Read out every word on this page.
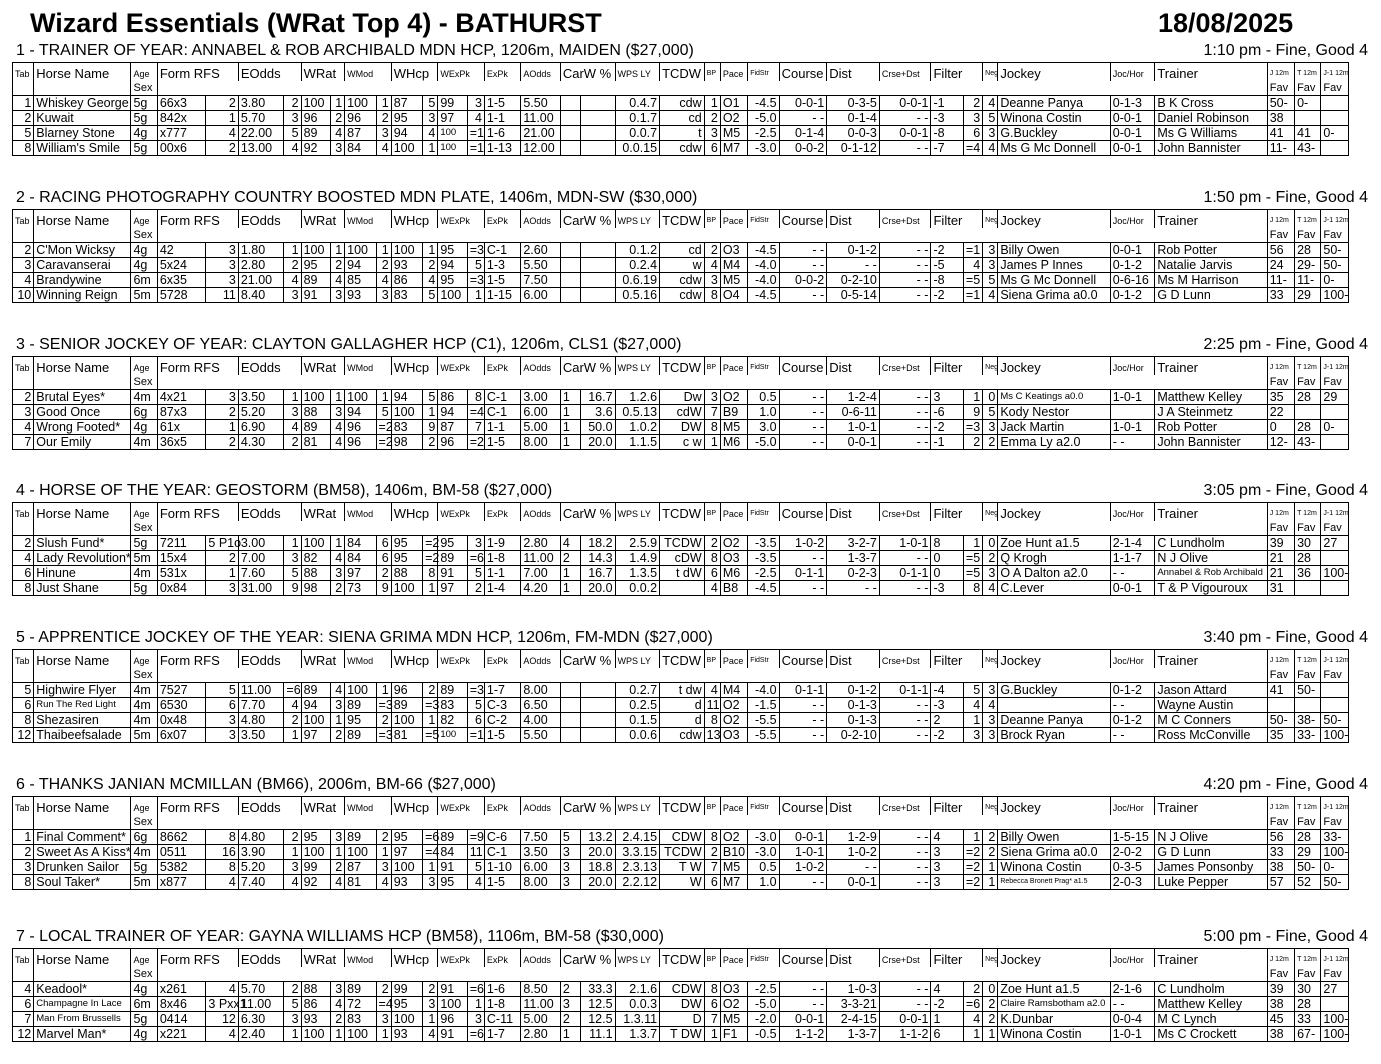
Wizard Essentials (WRat Top 4) - BATHURST	18/08/2025
1 - TRAINER OF YEAR: ANNABEL & ROB ARCHIBALD MDN HCP, 1206m, MAIDEN ($27,000)	1:10 pm - Fine, Good 4
Tab	Horse Name	Age	Form RFS		EOdds		WRat		WMod		WHcp		WExPk		ExPk	AOdds	CarW %		WPS LY	TCDW	BP	Pace	FidStr	Course	Dist	Crse+Dst	Filter		Neg	Jockey	Joc/Hor	Trainer	J 12m	T 12m	J-1 12m
		Sex																															Fav	Fav	Fav
1	Whiskey George	5g	66x3	2	3.80	2	100	1	100	1	87	5	99	3	1-5	5.50			0.4.7	cdw	1	O1	-4.5	0-0-1	0-3-5	0-0-1	-1	2	4	Deanne Panya	0-1-3	B K Cross	50-	0-	
2	Kuwait	5g	842x	1	5.70	3	96	2	96	2	95	3	97	4	1-1	11.00			0.1.7	cd	2	O2	-5.0	- -	0-1-4	- -	-3	3	5	Winona Costin	0-0-1	Daniel Robinson	38		
5	Blarney Stone	4g	x777	4	22.00	5	89	4	87	3	94	4	100	=1	1-6	21.00			0.0.7	t	3	M5	-2.5	0-1-4	0-0-3	0-0-1	-8	6	3	G.Buckley	0-0-1	Ms G Williams	41	41	0-
8	William's Smile	5g	00x6	2	13.00	4	92	3	84	4	100	1	100	=1	1-13	12.00			0.0.15	cdw	6	M7	-3.0	0-0-2	0-1-12	- -	-7	=4	4	Ms G Mc Donnell	0-0-1	John Bannister	11-	43-	
2 - RACING PHOTOGRAPHY COUNTRY BOOSTED MDN PLATE, 1406m, MDN-SW ($30,000)	1:50 pm - Fine, Good 4
Tab	Horse Name	Age	Form RFS		EOdds		WRat		WMod		WHcp		WExPk		ExPk	AOdds	CarW %		WPS LY	TCDW	BP	Pace	FidStr	Course	Dist	Crse+Dst	Filter		Neg	Jockey	Joc/Hor	Trainer	J 12m	T 12m	J-1 12m
		Sex																															Fav	Fav	Fav
2	C'Mon Wicksy	4g	42	3	1.80	1	100	1	100	1	100	1	95	=3	C-1	2.60			0.1.2	cd	2	O3	-4.5	- -	0-1-2	- -	-2	=1	3	Billy Owen	0-0-1	Rob Potter	56	28	50-
3	Caravanserai	4g	5x24	3	2.80	2	95	2	94	2	93	2	94	5	1-3	5.50			0.2.4	w	4	M4	-4.0	- -	- -	- -	-5	4	3	James P Innes	0-1-2	Natalie Jarvis	24	29-	50-
4	Brandywine	6m	6x35	3	21.00	4	89	4	85	4	86	4	95	=3	1-5	7.50			0.6.19	cdw	3	M5	-4.0	0-0-2	0-2-10	- -	-8	=5	5	Ms G Mc Donnell	0-6-16	Ms M Harrison	11-	11-	0-
10	Winning Reign	5m	5728	11	8.40	3	91	3	93	3	83	5	100	1	1-15	6.00			0.5.16	cdw	8	O4	-4.5	- -	0-5-14	- -	-2	=1	4	Siena Grima a0.0	0-1-2	G D Lunn	33	29	100-
3 - SENIOR JOCKEY OF YEAR: CLAYTON GALLAGHER HCP (C1), 1206m, CLS1 ($27,000)	2:25 pm - Fine, Good 4
Tab	Horse Name	Age	Form RFS		EOdds		WRat		WMod		WHcp		WExPk		ExPk	AOdds	CarW %		WPS LY	TCDW	BP	Pace	FidStr	Course	Dist	Crse+Dst	Filter		Neg	Jockey	Joc/Hor	Trainer	J 12m	T 12m	J-1 12m
		Sex																															Fav	Fav	Fav
2	Brutal Eyes*	4m	4x21	3	3.50	1	100	1	100	1	94	5	86	8	C-1	3.00	1	16.7	1.2.6	Dw	3	O2	0.5	- -	1-2-4	- -	3	1	0	Ms C Keatings a0.0	1-0-1	Matthew Kelley	35	28	29
3	Good Once	6g	87x3	2	5.20	3	88	3	94	5	100	1	94	=4	C-1	6.00	1	3.6	0.5.13	cdW	7	B9	1.0	- -	0-6-11	- -	-6	9	5	Kody Nestor		J A Steinmetz	22		
4	Wrong Footed*	4g	61x	1	6.90	4	89	4	96	=2	83	9	87	7	1-1	5.00	1	50.0	1.0.2	DW	8	M5	3.0	- -	1-0-1	- -	-2	=3	3	Jack Martin	1-0-1	Rob Potter	0	28	0-
7	Our Emily	4m	36x5	2	4.30	2	81	4	96	=2	98	2	96	=2	1-5	8.00	1	20.0	1.1.5	c w	1	M6	-5.0	- -	0-0-1	- -	-1	2	2	Emma Ly a2.0	- -	John Bannister	12-	43-	
4 - HORSE OF THE YEAR: GEOSTORM (BM58), 1406m, BM-58 ($27,000)	3:05 pm - Fine, Good 4
Tab	Horse Name	Age	Form RFS		EOdds		WRat		WMod		WHcp		WExPk		ExPk	AOdds	CarW %		WPS LY	TCDW	BP	Pace	FidStr	Course	Dist	Crse+Dst	Filter		Neg	Jockey	Joc/Hor	Trainer	J 12m	T 12m	J-1 12m
		Sex																															Fav	Fav	Fav
2	Slush Fund*	5g	7211	5 P1o	3.00	1	100	1	84	6	95	=2	95	3	1-9	2.80	4	18.2	2.5.9	TCDW	2	O2	-3.5	1-0-2	3-2-7	1-0-1	8	1	0	Zoe Hunt a1.5	2-1-4	C Lundholm	39	30	27
4	Lady Revolution*	5m	15x4	2	7.00	3	82	4	84	6	95	=2	89	=6	1-8	11.00	2	14.3	1.4.9	cDW	8	O3	-3.5	- -	1-3-7	- -	0	=5	2	Q Krogh	1-1-7	N J Olive	21	28	
6	Hinune	4m	531x	1	7.60	5	88	3	97	2	88	8	91	5	1-1	7.00	1	16.7	1.3.5	t dW	6	M6	-2.5	0-1-1	0-2-3	0-1-1	0	=5	3	O A Dalton a2.0	- -	Annabel & Rob Archibald	21	36	100-
8	Just Shane	5g	0x84	3	31.00	9	98	2	73	9	100	1	97	2	1-4	4.20	1	20.0	0.0.2		4	B8	-4.5	- -	- -	- -	-3	8	4	C.Lever	0-0-1	T & P Vigouroux	31		
5 - APPRENTICE JOCKEY OF THE YEAR: SIENA GRIMA MDN HCP, 1206m, FM-MDN ($27,000)	3:40 pm - Fine, Good 4
Tab	Horse Name	Age	Form RFS		EOdds		WRat		WMod		WHcp		WExPk		ExPk	AOdds	CarW %		WPS LY	TCDW	BP	Pace	FidStr	Course	Dist	Crse+Dst	Filter		Neg	Jockey	Joc/Hor	Trainer	J 12m	T 12m	J-1 12m
		Sex																															Fav	Fav	Fav
5	Highwire Flyer	4m	7527	5	11.00	=6	89	4	100	1	96	2	89	=3	1-7	8.00			0.2.7	t dw	4	M4	-4.0	0-1-1	0-1-2	0-1-1	-4	5	3	G.Buckley	0-1-2	Jason Attard	41	50-	
6	Run The Red Light	4m	6530	6	7.70	4	94	3	89	=3	89	=3	83	5	C-3	6.50			0.2.5	d	11	O2	-1.5	- -	0-1-3	- -	-3	4	4		- -	Wayne Austin			
8	Shezasiren	4m	0x48	3	4.80	2	100	1	95	2	100	1	82	6	C-2	4.00			0.1.5	d	8	O2	-5.5	- -	0-1-3	- -	2	1	3	Deanne Panya	0-1-2	M C Conners	50-	38-	50-
12	Thaibeefsalade	5m	6x07	3	3.50	1	97	2	89	=3	81	=5	100	=1	1-5	5.50			0.0.6	cdw	13	O3	-5.5	- -	0-2-10	- -	-2	3	3	Brock Ryan	- -	Ross McConville	35	33-	100-
6 - THANKS JANIAN MCMILLAN (BM66), 2006m, BM-66 ($27,000)	4:20 pm - Fine, Good 4
Tab	Horse Name	Age	Form RFS		EOdds		WRat		WMod		WHcp		WExPk		ExPk	AOdds	CarW %		WPS LY	TCDW	BP	Pace	FidStr	Course	Dist	Crse+Dst	Filter		Neg	Jockey	Joc/Hor	Trainer	J 12m	T 12m	J-1 12m
		Sex																															Fav	Fav	Fav
1	Final Comment*	6g	8662	8	4.80	2	95	3	89	2	95	=6	89	=9	C-6	7.50	5	13.2	2.4.15	CDW	8	O2	-3.0	0-0-1	1-2-9	- -	4	1	2	Billy Owen	1-5-15	N J Olive	56	28	33-
2	Sweet As A Kiss*	4m	0511	16	3.90	1	100	1	100	1	97	=4	84	11	C-1	3.50	3	20.0	3.3.15	TCDW	2	B10	-3.0	1-0-1	1-0-2	- -	3	=2	2	Siena Grima a0.0	2-0-2	G D Lunn	33	29	100-
3	Drunken Sailor	5g	5382	8	5.20	3	99	2	87	3	100	1	91	5	1-10	6.00	3	18.8	2.3.13	T W	7	M5	0.5	1-0-2	- -	- -	3	=2	1	Winona Costin	0-3-5	James Ponsonby	38	50-	0-
8	Soul Taker*	5m	x877	4	7.40	4	92	4	81	4	93	3	95	4	1-5	8.00	3	20.0	2.2.12	W	6	M7	1.0	- -	0-0-1	- -	3	=2	1	Rebecca Bronett Prag* a1.5	2-0-3	Luke Pepper	57	52	50-
7 - LOCAL TRAINER OF YEAR: GAYNA WILLIAMS HCP (BM58), 1106m, BM-58 ($30,000)	5:00 pm - Fine, Good 4
Tab	Horse Name	Age	Form RFS		EOdds		WRat		WMod		WHcp		WExPk		ExPk	AOdds	CarW %		WPS LY	TCDW	BP	Pace	FidStr	Course	Dist	Crse+Dst	Filter		Neg	Jockey	Joc/Hor	Trainer	J 12m	T 12m	J-1 12m
		Sex																															Fav	Fav	Fav
4	Keadool*	4g	x261	4	5.70	2	88	3	89	2	99	2	91	=6	1-6	8.50	2	33.3	2.1.6	CDW	8	O3	-2.5	- -	1-0-3	- -	4	2	0	Zoe Hunt a1.5	2-1-6	C Lundholm	39	30	27
6	Champagne In Lace	6m	8x46	3 Pxx1	11.00	5	86	4	72	=4	95	3	100	1	1-8	11.00	3	12.5	0.0.3	DW	6	O2	-5.0	- -	3-3-21	- -	-2	=6	2	Claire Ramsbotham a2.0	- -	Matthew Kelley	38	28	
7	Man From Brussells	5g	0414	12	6.30	3	93	2	83	3	100	1	96	3	C-11	5.00	2	12.5	1.3.11	D	7	M5	-2.0	0-0-1	2-4-15	0-0-1	1	4	2	K.Dunbar	0-0-4	M C Lynch	45	33	100-
12	Marvel Man*	4g	x221	4	2.40	1	100	1	100	1	93	4	91	=6	1-7	2.80	1	11.1	1.3.7	T DW	1	F1	-0.5	1-1-2	1-3-7	1-1-2	6	1	1	Winona Costin	1-0-1	Ms C Crockett	38	67-	100-
